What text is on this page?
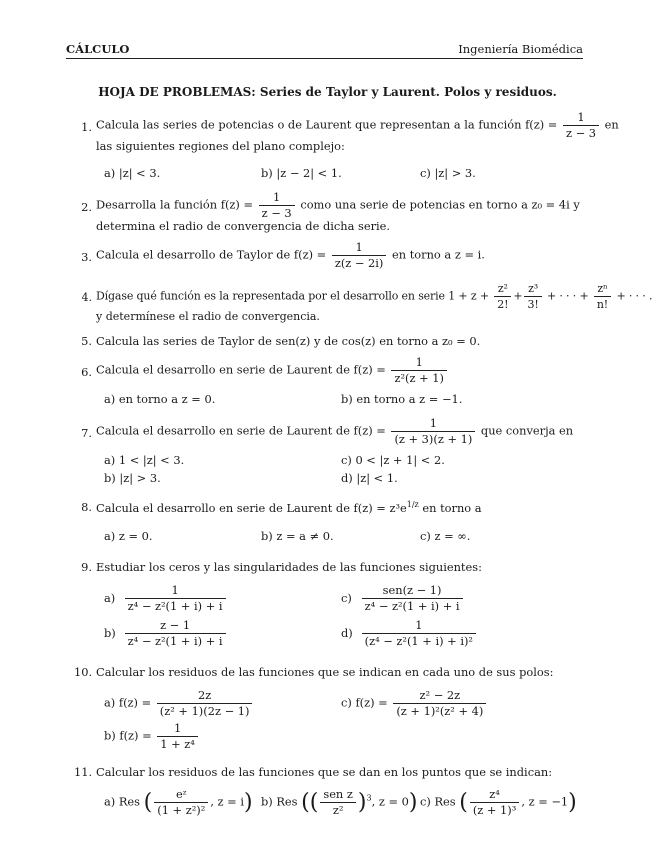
CÁLCULO	Ingeniería Biomédica
HOJA DE PROBLEMAS: Series de Taylor y Laurent. Polos y residuos.
1. Calcula las series de potencias o de Laurent que representan a la función $f(z) = \frac{1}{z - 3}$ en
las siguientes regiones del plano complejo:
a) |z| < 3.	b) |z − 2| < 1.	c) |z| > 3.
2. Desarrolla la función $f(z) = \frac{1}{z - 3}$ como una serie de potencias en torno a z₀ = 4i y
determina el radio de convergencia de dicha serie.
3. Calcula el desarrollo de Taylor de $f(z) = \frac{1}{z(z - 2i)}$ en torno a z = i.
4. Dígase qué función es la representada por el desarrollo en serie $1 + z + \frac{\text{z²}}{2!} + \frac{\text{z³}}{3!}$ + · · · + $\frac{\text{zⁿ}}{n!}$ + · · · .
y determínese el radio de convergencia.
5. Calcula las series de Taylor de sen(z) y de cos(z) en torno a z₀ = 0.
6. Calcula el desarrollo en serie de Laurent de $f(z) = \frac{1}{\text{z²(z + 1)}}$
a) en torno a z = 0.	b) en torno a z = −1.
7. Calcula el desarrollo en serie de Laurent de $f(z) = \frac{1}{(z + 3)(z + 1)}$ que converja en
a) 1 < |z| < 3.	c) 0 < |z + 1| < 2.
b) |z| > 3.	d) |z| < 1.
8. Calcula el desarrollo en serie de Laurent de $f(z) = z^3e^{1/z}$ en torno a
a) z = 0.	b) z = a ≠ 0.	c) z = ∞.
9. Estudiar los ceros y las singularidades de las funciones siguientes:
$a) \frac{1}{\text{z⁴ − z²(1 + i) + i}}$	$c) \frac{\text{sen(z − 1)}}{\text{z⁴ − z²(1 + i) + i}}$
$b) \frac{z - 1}{\text{z⁴ − z²(1 + i) + i}}$	$d) \frac{1}{\text{(z⁴ − z²(1 + i) + i)²}}$
10. Calcular los residuos de las funciones que se indican en cada uno de sus polos:
a) $f(z) = \frac{2z}{\text{(z² + 1)(2z − 1)}}$	c) $f(z) = \frac{\text{z² − 2z}}{\text{(z + 1)²(z² + 4)}}$
b) $f(z) = \frac{1}{\text{1 + z⁴}}$
11. Calcular los residuos de las funciones que se dan en los puntos que se indican:
a) Res ( $\frac{\text{eᶻ}}{\text{(1 + z²)²}}$ , z = i) b) Res (( $\frac{\text{sen z}}{\text{z²}} )^3$, z = 0) c) Res ( $\frac{\text{z⁴}}{\text{(z + 1)³}}$ , z = −1)
